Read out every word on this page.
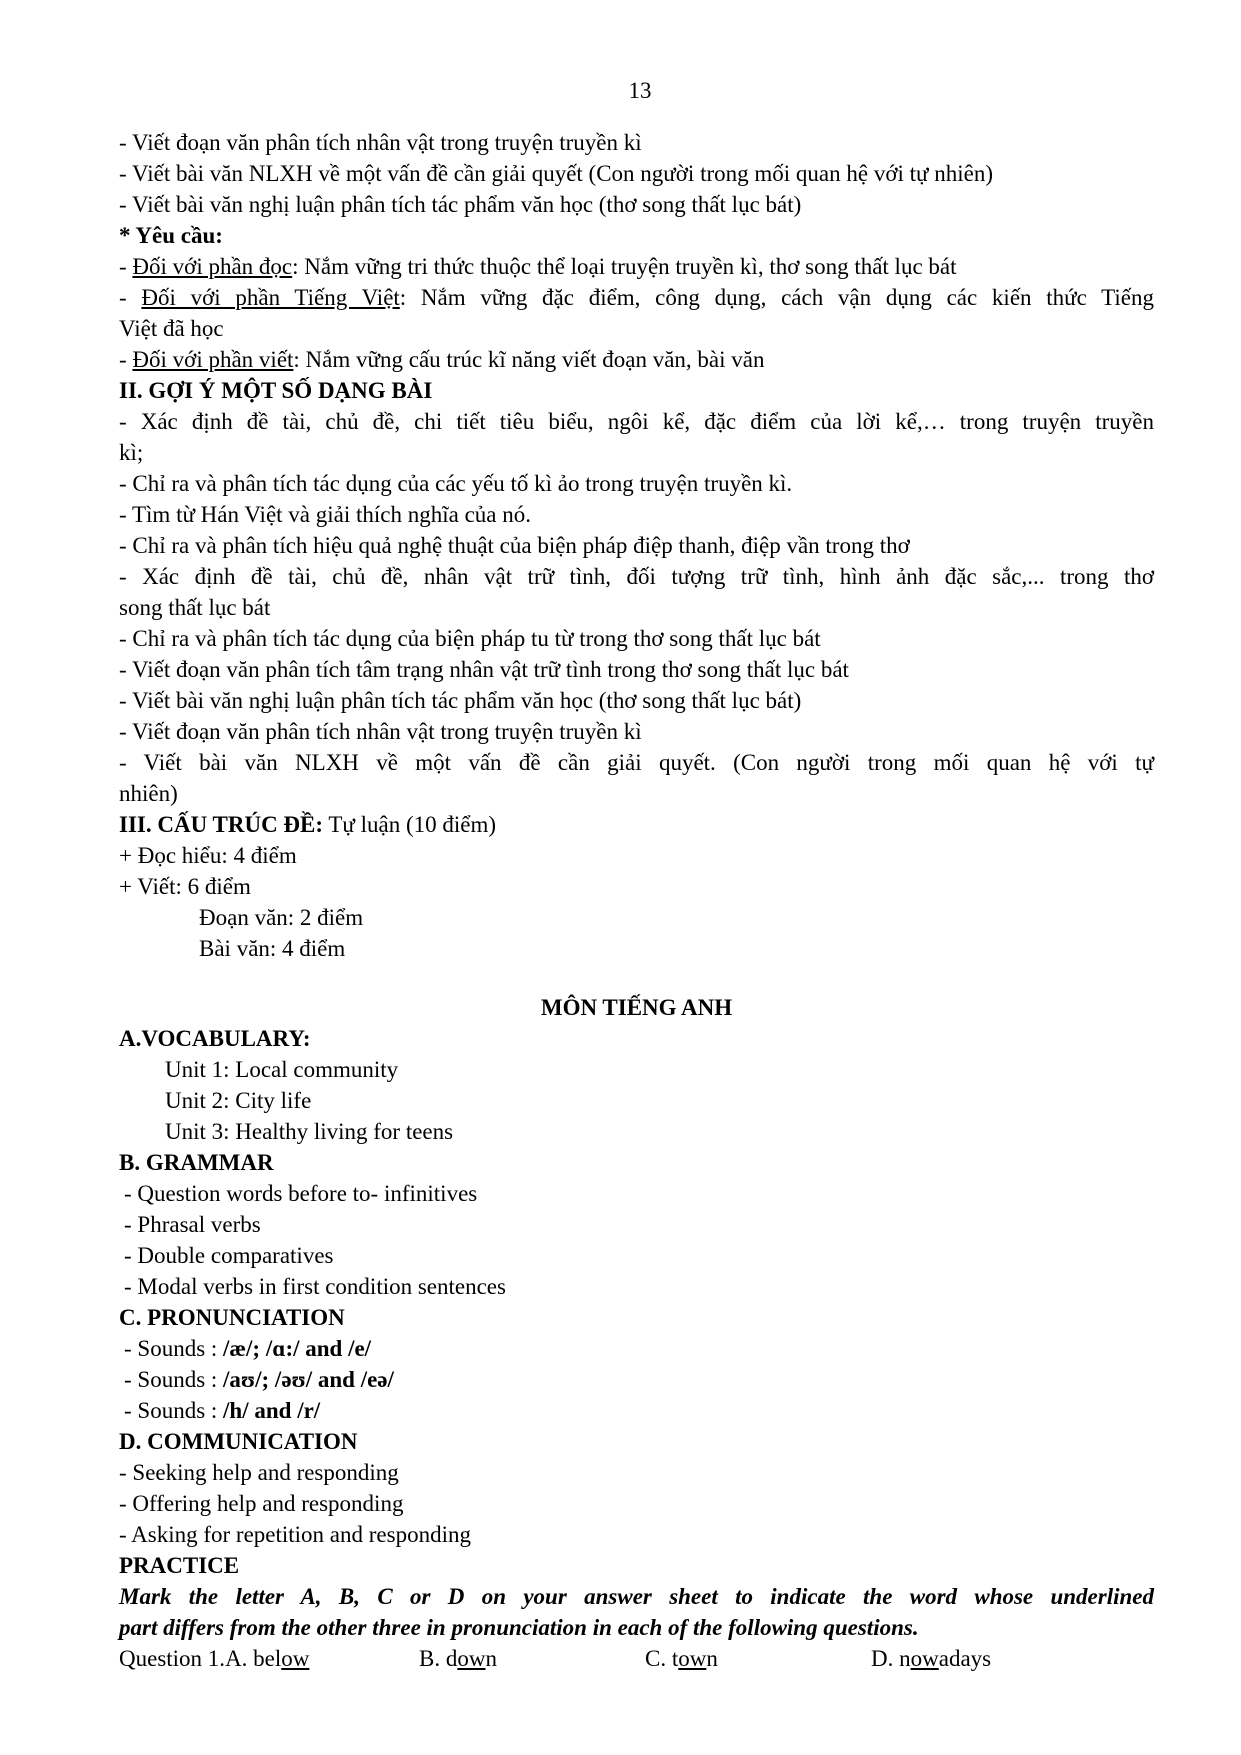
13
- Viết đoạn văn phân tích nhân vật trong truyện truyền kì
- Viết bài văn NLXH về một vấn đề cần giải quyết (Con người trong mối quan hệ với tự nhiên)
- Viết bài văn nghị luận phân tích tác phẩm văn học (thơ song thất lục bát)
* Yêu cầu:
- Đối với phần đọc: Nắm vững tri thức thuộc thể loại truyện truyền kì, thơ song thất lục bát
- Đối với phần Tiếng Việt: Nắm vững đặc điểm, công dụng, cách vận dụng các kiến thức Tiếng
Việt đã học
- Đối với phần viết: Nắm vững cấu trúc kĩ năng viết đoạn văn, bài văn
II. GỢI Ý MỘT SỐ DẠNG BÀI
- Xác định đề tài, chủ đề, chi tiết tiêu biểu, ngôi kể, đặc điểm của lời kể,… trong truyện truyền
kì;
- Chỉ ra và phân tích tác dụng của các yếu tố kì ảo trong truyện truyền kì.
- Tìm từ Hán Việt và giải thích nghĩa của nó.
- Chỉ ra và phân tích hiệu quả nghệ thuật của biện pháp điệp thanh, điệp vần trong thơ
- Xác định đề tài, chủ đề, nhân vật trữ tình, đối tượng trữ tình, hình ảnh đặc sắc,... trong thơ
song thất lục bát
- Chỉ ra và phân tích tác dụng của biện pháp tu từ trong thơ song thất lục bát
- Viết đoạn văn phân tích tâm trạng nhân vật trữ tình trong thơ song thất lục bát
- Viết bài văn nghị luận phân tích tác phẩm văn học (thơ song thất lục bát)
- Viết đoạn văn phân tích nhân vật trong truyện truyền kì
- Viết bài văn NLXH về một vấn đề cần giải quyết. (Con người trong mối quan hệ với tự
nhiên)
III. CẤU TRÚC ĐỀ: Tự luận (10 điểm)
+ Đọc hiểu: 4 điểm
+ Viết: 6 điểm
Đoạn văn: 2 điểm
Bài văn: 4 điểm
MÔN TIẾNG ANH
A.VOCABULARY:
Unit 1: Local community
Unit 2: City life
Unit 3: Healthy living for teens
B. GRAMMAR
- Question words before to- infinitives
- Phrasal verbs
- Double comparatives
- Modal verbs in first condition sentences
C. PRONUNCIATION
- Sounds : /æ/; /ɑ:/ and /e/
- Sounds : /aʊ/; /əʊ/ and /eə/
- Sounds : /h/ and /r/
D. COMMUNICATION
- Seeking help and responding
- Offering help and responding
- Asking for repetition and responding
PRACTICE
Mark the letter A, B, C or D on your answer sheet to indicate the word whose underlined
part differs from the other three in pronunciation in each of the following questions.
Question 1.A. below	B. down	C. town	D. nowadays
